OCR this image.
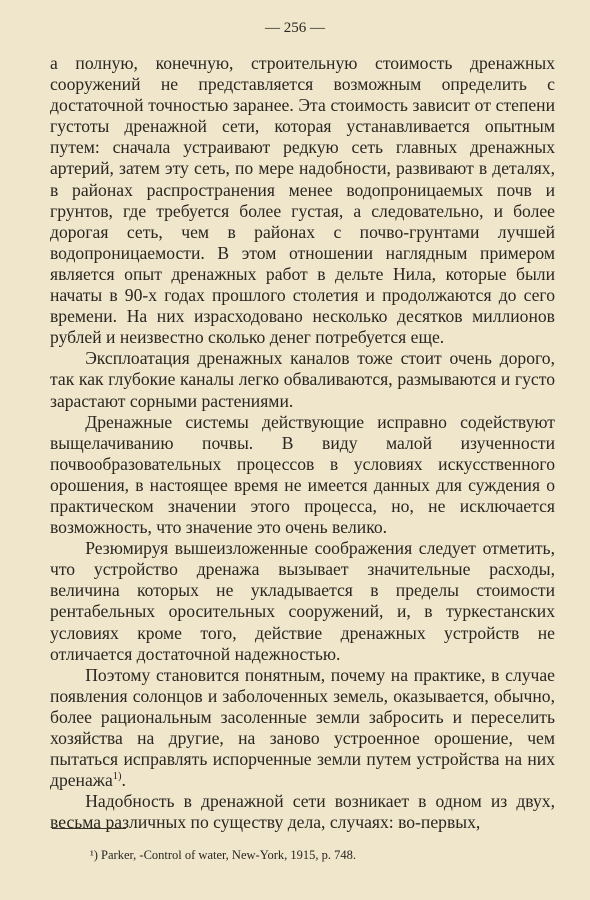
— 256 —

а полную, конечную, строительную стоимость дренажных сооружений не представляется возможным определить с достаточной точностью заранее. Эта стоимость зависит от степени густоты дренажной сети, которая устанавливается опытным путем: сначала устраивают редкую сеть главных дренажных артерий, затем эту сеть, по мере надобности, развивают в деталях, в районах распространения менее водопроницаемых почв и грунтов, где требуется более густая, а следовательно, и более дорогая сеть, чем в районах с почво-грунтами лучшей водопроницаемости. В этом отношении наглядным примером является опыт дренажных работ в дельте Нила, которые были начаты в 90-х годах прошлого столетия и продолжаются до сего времени. На них израсходовано несколько десятков миллионов рублей и неизвестно сколько денег потребуется еще.

Эксплоатация дренажных каналов тоже стоит очень дорого, так как глубокие каналы легко обваливаются, размываются и густо зарастают сорными растениями.

Дренажные системы действующие исправно содействуют выщелачиванию почвы. В виду малой изученности почвообразовательных процессов в условиях искусственного орошения, в настоящее время не имеется данных для суждения о практическом значении этого процесса, но, не исключается возможность, что значение это очень велико.

Резюмируя вышеизложенные соображения следует отметить, что устройство дренажа вызывает значительные расходы, величина которых не укладывается в пределы стоимости рентабельных оросительных сооружений, и, в туркестанских условиях кроме того, действие дренажных устройств не отличается достаточной надежностью.

Поэтому становится понятным, почему на практике, в случае появления солонцов и заболоченных земель, оказывается, обычно, более рациональным засоленные земли забросить и переселить хозяйства на другие, на заново устроенное орошение, чем пытаться исправлять испорченные земли путем устройства на них дренажа$^{1)}$.

Надобность в дренажной сети возникает в одном из двух, весьма различных по существу дела, случаях: во-первых,

¹) Parker, -Control of water, New-York, 1915, p. 748.
